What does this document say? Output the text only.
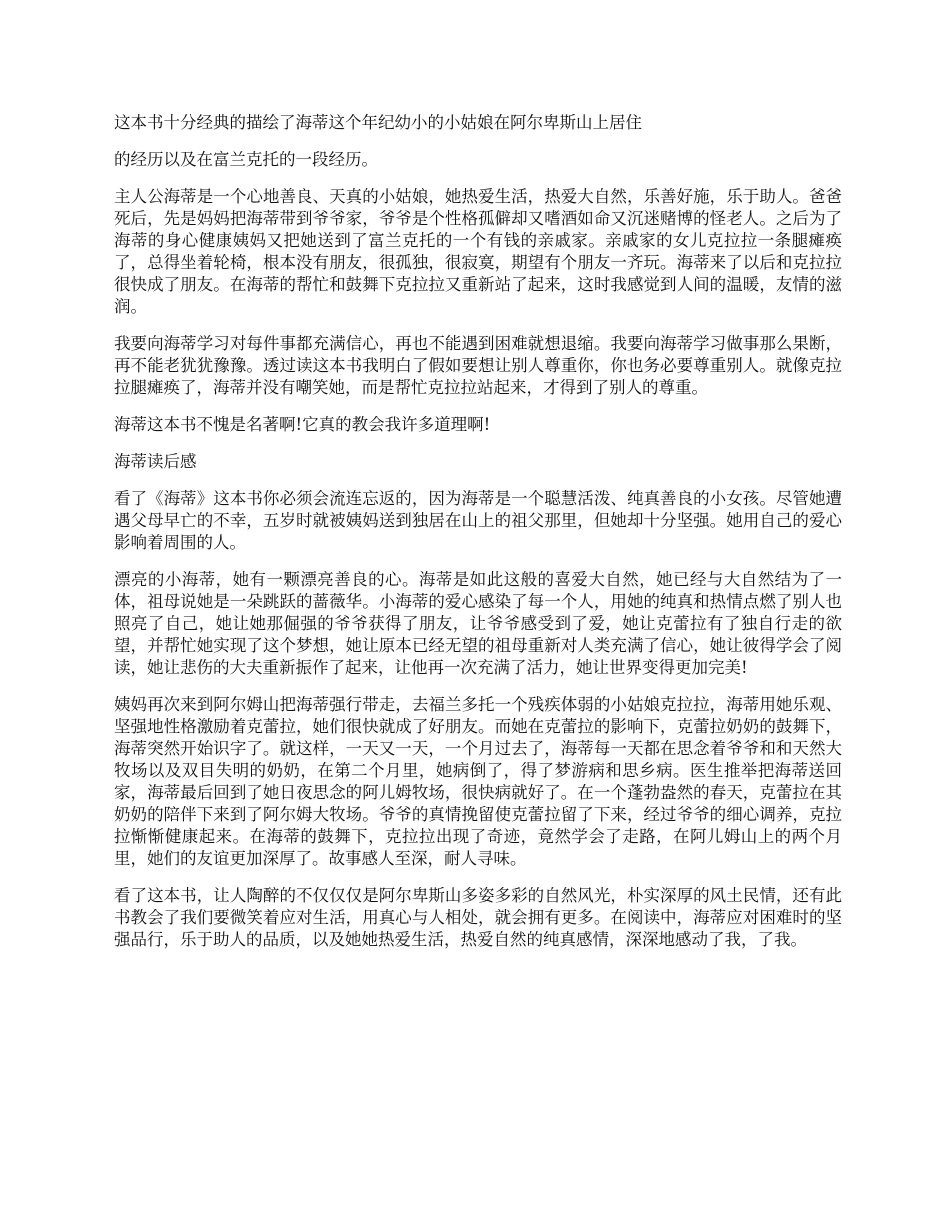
这本书十分经典的描绘了海蒂这个年纪幼小的小姑娘在阿尔卑斯山上居住

的经历以及在富兰克托的一段经历。

主人公海蒂是一个心地善良、天真的小姑娘，她热爱生活，热爱大自然，乐善好施，乐于助人。爸爸死后，先是妈妈把海蒂带到爷爷家，爷爷是个性格孤僻却又嗜酒如命又沉迷赌博的怪老人。之后为了海蒂的身心健康姨妈又把她送到了富兰克托的一个有钱的亲戚家。亲戚家的女儿克拉拉一条腿瘫痪了，总得坐着轮椅，根本没有朋友，很孤独，很寂寞，期望有个朋友一齐玩。海蒂来了以后和克拉拉很快成了朋友。在海蒂的帮忙和鼓舞下克拉拉又重新站了起来，这时我感觉到人间的温暖，友情的滋润。

我要向海蒂学习对每件事都充满信心，再也不能遇到困难就想退缩。我要向海蒂学习做事那么果断，再不能老犹犹豫豫。透过读这本书我明白了假如要想让别人尊重你，你也务必要尊重别人。就像克拉拉腿瘫痪了，海蒂并没有嘲笑她，而是帮忙克拉拉站起来，才得到了别人的尊重。

海蒂这本书不愧是名著啊!它真的教会我许多道理啊!

海蒂读后感

看了《海蒂》这本书你必须会流连忘返的，因为海蒂是一个聪慧活泼、纯真善良的小女孩。尽管她遭遇父母早亡的不幸，五岁时就被姨妈送到独居在山上的祖父那里，但她却十分坚强。她用自己的爱心影响着周围的人。

漂亮的小海蒂，她有一颗漂亮善良的心。海蒂是如此这般的喜爱大自然，她已经与大自然结为了一体，祖母说她是一朵跳跃的蔷薇华。小海蒂的爱心感染了每一个人，用她的纯真和热情点燃了别人也照亮了自己，她让她那倔强的爷爷获得了朋友，让爷爷感受到了爱，她让克蕾拉有了独自行走的欲望，并帮忙她实现了这个梦想，她让原本已经无望的祖母重新对人类充满了信心，她让彼得学会了阅读，她让悲伤的大夫重新振作了起来，让他再一次充满了活力，她让世界变得更加完美!

姨妈再次来到阿尔姆山把海蒂强行带走，去福兰多托一个残疾体弱的小姑娘克拉拉，海蒂用她乐观、坚强地性格激励着克蕾拉，她们很快就成了好朋友。而她在克蕾拉的影响下，克蕾拉奶奶的鼓舞下，海蒂突然开始识字了。就这样，一天又一天，一个月过去了，海蒂每一天都在思念着爷爷和和天然大牧场以及双目失明的奶奶，在第二个月里，她病倒了，得了梦游病和思乡病。医生推举把海蒂送回家，海蒂最后回到了她日夜思念的阿儿姆牧场，很快病就好了。在一个蓬勃盎然的春天，克蕾拉在其奶奶的陪伴下来到了阿尔姆大牧场。爷爷的真情挽留使克蕾拉留了下来，经过爷爷的细心调养，克拉拉惭惭健康起来。在海蒂的鼓舞下，克拉拉出现了奇迹，竟然学会了走路，在阿儿姆山上的两个月里，她们的友谊更加深厚了。故事感人至深，耐人寻味。

看了这本书，让人陶醉的不仅仅仅是阿尔卑斯山多姿多彩的自然风光，朴实深厚的风土民情，还有此书教会了我们要微笑着应对生活，用真心与人相处，就会拥有更多。在阅读中，海蒂应对困难时的坚强品行，乐于助人的品质，以及她她热爱生活，热爱自然的纯真感情，深深地感动了我，了我。
